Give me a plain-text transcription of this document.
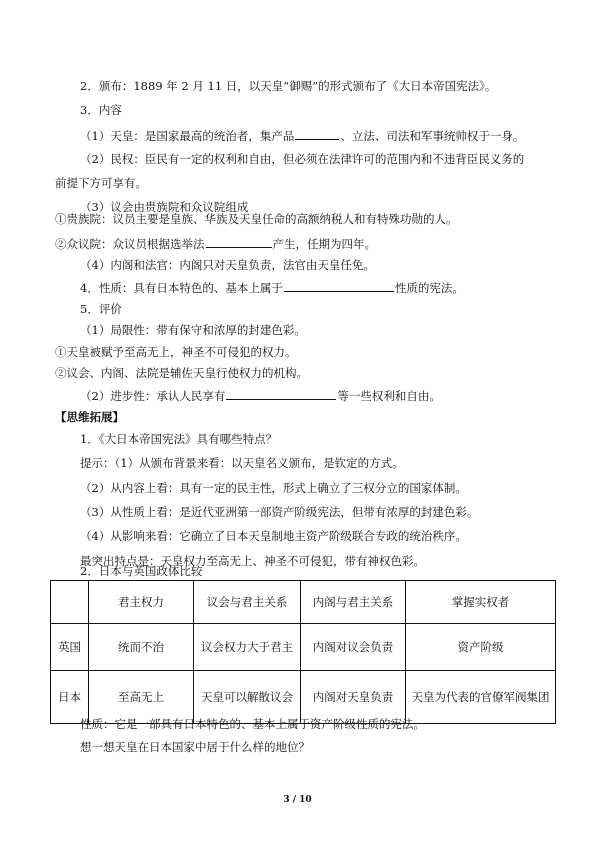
2．颁布：1889 年 2 月 11 日，以天皇“御赐”的形式颁布了《大日本帝国宪法》。
3．内容
（1）天皇：是国家最高的统治者，集产品	、立法、司法和军事统帅权于一身。
（2）民权：臣民有一定的权利和自由，但必须在法律许可的范围内和不违背臣民义务的
前提下方可享有。
（3）议会由贵族院和众议院组成
①贵族院：议员主要是皇族、华族及天皇任命的高额纳税人和有特殊功勋的人。
②众议院：众议员根据选举法	产生，任期为四年。
（4）内阁和法官：内阁只对天皇负责，法官由天皇任免。
4．性质：具有日本特色的、基本上属于	性质的宪法。
5．评价
（1）局限性：带有保守和浓厚的封建色彩。
①天皇被赋予至高无上，神圣不可侵犯的权力。
②议会、内阁、法院是辅佐天皇行使权力的机构。
（2）进步性：承认人民享有	等一些权利和自由。
【思维拓展】
1．《大日本帝国宪法》具有哪些特点？
提示：（1）从颁布背景来看：以天皇名义颁布，是钦定的方式。
（2）从内容上看：具有一定的民主性，形式上确立了三权分立的国家体制。
（3）从性质上看：是近代亚洲第一部资产阶级宪法，但带有浓厚的封建色彩。
（4）从影响来看：它确立了日本天皇制地主资产阶级联合专政的统治秩序。
最突出特点是：天皇权力至高无上、神圣不可侵犯，带有神权色彩。
2．日本与英国政体比较
	君主权力	议会与君主关系	内阁与君主关系	掌握实权者
英国	统而不治	议会权力大于君主	内阁对议会负责	资产阶级
日本	至高无上	天皇可以解散议会	内阁对天皇负责	天皇为代表的官僚军阀集团
性质：它是一部具有日本特色的、基本上属于资产阶级性质的宪法。
想一想天皇在日本国家中居于什么样的地位？
3 / 10
